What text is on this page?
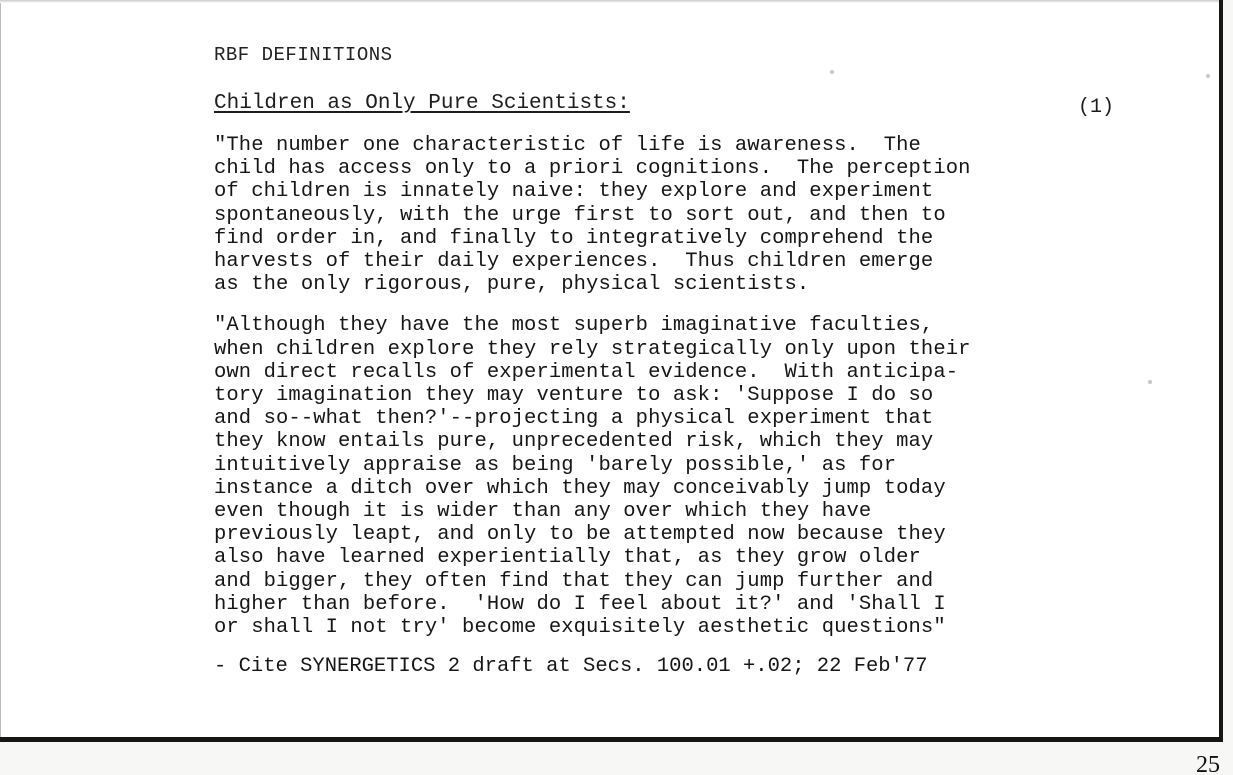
RBF DEFINITIONS
Children as Only Pure Scientists:	(1)
"The number one characteristic of life is awareness.  The
child has access only to a priori cognitions.  The perception
of children is innately naive: they explore and experiment
spontaneously, with the urge first to sort out, and then to
find order in, and finally to integratively comprehend the
harvests of their daily experiences.  Thus children emerge
as the only rigorous, pure, physical scientists.
"Although they have the most superb imaginative faculties,
when children explore they rely strategically only upon their
own direct recalls of experimental evidence.  With anticipa-
tory imagination they may venture to ask: 'Suppose I do so
and so--what then?'--projecting a physical experiment that
they know entails pure, unprecedented risk, which they may
intuitively appraise as being 'barely possible,' as for
instance a ditch over which they may conceivably jump today
even though it is wider than any over which they have
previously leapt, and only to be attempted now because they
also have learned experientially that, as they grow older
and bigger, they often find that they can jump further and
higher than before.  'How do I feel about it?' and 'Shall I
or shall I not try' become exquisitely aesthetic questions"
- Cite SYNERGETICS 2 draft at Secs. 100.01 +.02; 22 Feb'77
25
